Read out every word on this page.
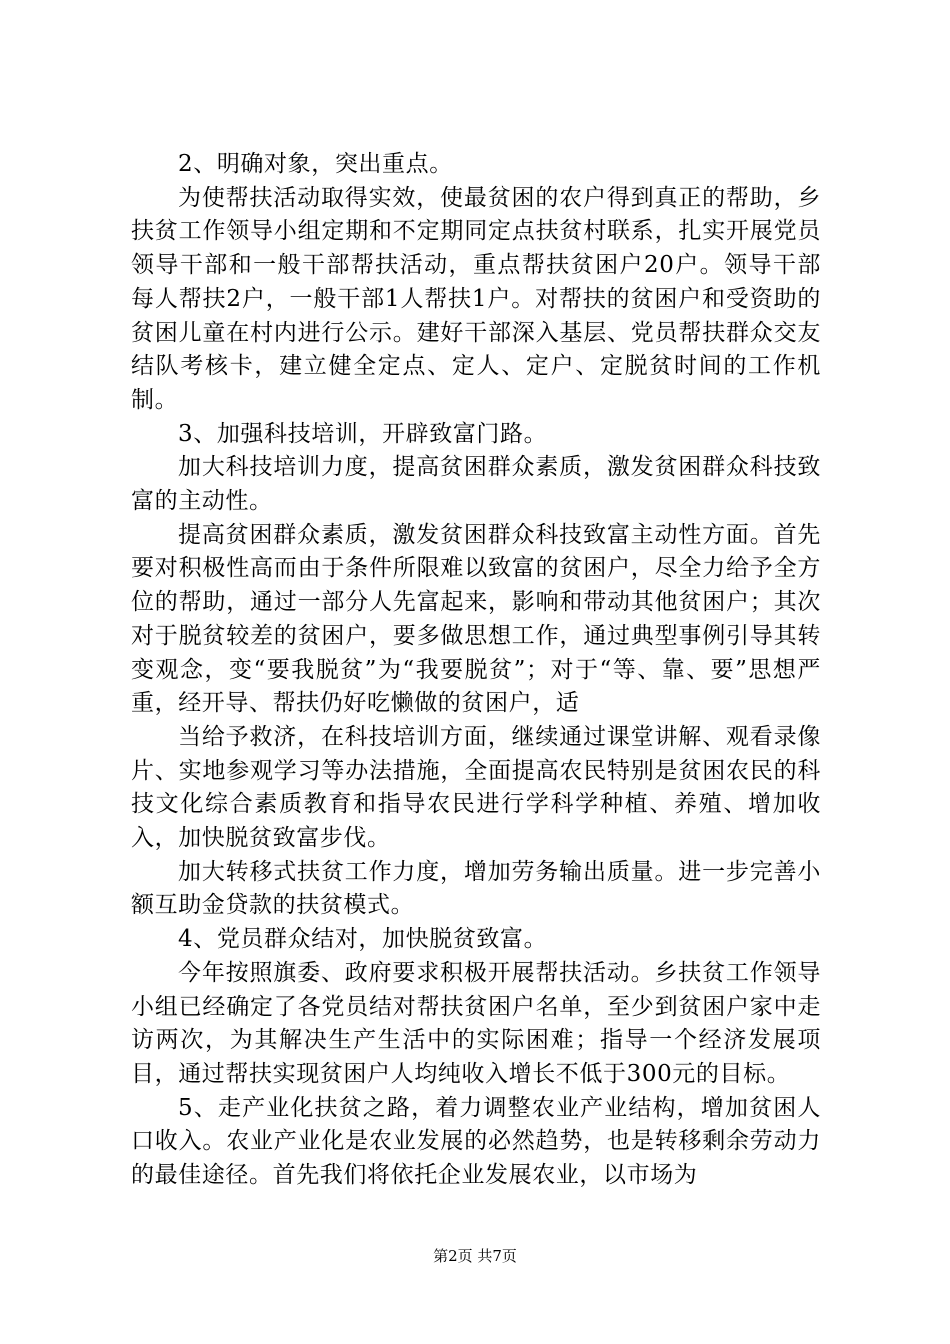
2、明确对象，突出重点。

为使帮扶活动取得实效，使最贫困的农户得到真正的帮助，乡扶贫工作领导小组定期和不定期同定点扶贫村联系，扎实开展党员领导干部和一般干部帮扶活动，重点帮扶贫困户20户。领导干部每人帮扶2户，一般干部1人帮扶1户。对帮扶的贫困户和受资助的贫困儿童在村内进行公示。建好干部深入基层、党员帮扶群众交友结队考核卡，建立健全定点、定人、定户、定脱贫时间的工作机制。

3、加强科技培训，开辟致富门路。

加大科技培训力度，提高贫困群众素质，激发贫困群众科技致富的主动性。

提高贫困群众素质，激发贫困群众科技致富主动性方面。首先要对积极性高而由于条件所限难以致富的贫困户，尽全力给予全方位的帮助，通过一部分人先富起来，影响和带动其他贫困户；其次对于脱贫较差的贫困户，要多做思想工作，通过典型事例引导其转变观念，变“要我脱贫”为“我要脱贫”；对于“等、靠、要”思想严重，经开导、帮扶仍好吃懒做的贫困户，适

当给予救济，在科技培训方面，继续通过课堂讲解、观看录像片、实地参观学习等办法措施，全面提高农民特别是贫困农民的科技文化综合素质教育和指导农民进行学科学种植、养殖、增加收入，加快脱贫致富步伐。

加大转移式扶贫工作力度，增加劳务输出质量。进一步完善小额互助金贷款的扶贫模式。

4、党员群众结对，加快脱贫致富。

今年按照旗委、政府要求积极开展帮扶活动。乡扶贫工作领导小组已经确定了各党员结对帮扶贫困户名单，至少到贫困户家中走访两次，为其解决生产生活中的实际困难；指导一个经济发展项目，通过帮扶实现贫困户人均纯收入增长不低于300元的目标。

5、走产业化扶贫之路，着力调整农业产业结构，增加贫困人口收入。农业产业化是农业发展的必然趋势，也是转移剩余劳动力的最佳途径。首先我们将依托企业发展农业，以市场为

第2页 共7页
